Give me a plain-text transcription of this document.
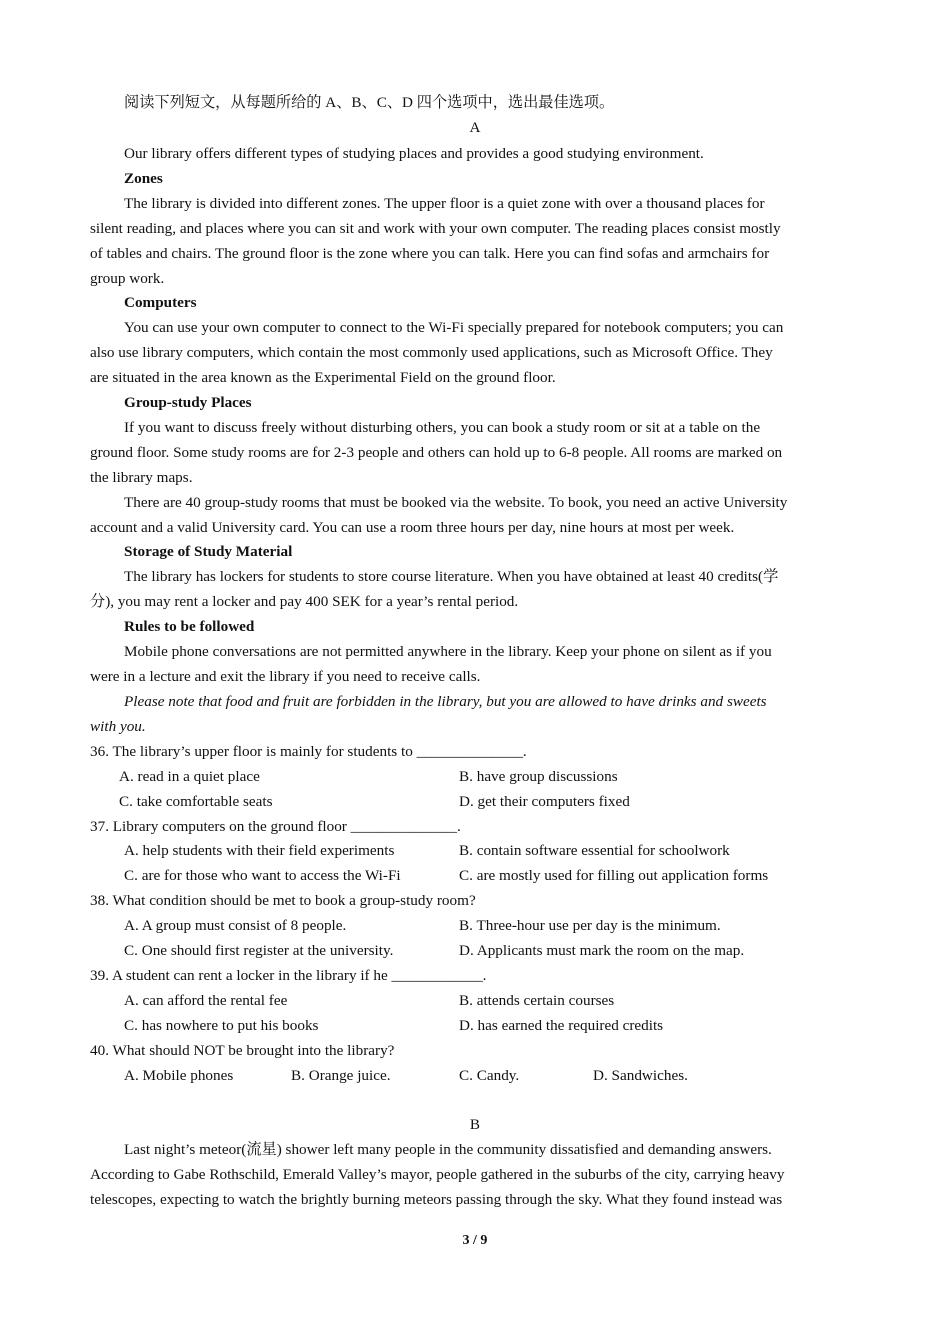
阅读下列短文，从每题所给的 A、B、C、D 四个选项中，选出最佳选项。
A
Our library offers different types of studying places and provides a good studying environment.
Zones
The library is divided into different zones. The upper floor is a quiet zone with over a thousand places for
silent reading, and places where you can sit and work with your own computer. The reading places consist mostly
of tables and chairs. The ground floor is the zone where you can talk. Here you can find sofas and armchairs for
group work.
Computers
You can use your own computer to connect to the Wi-Fi specially prepared for notebook computers; you can
also use library computers, which contain the most commonly used applications, such as Microsoft Office. They
are situated in the area known as the Experimental Field on the ground floor.
Group-study Places
If you want to discuss freely without disturbing others, you can book a study room or sit at a table on the
ground floor. Some study rooms are for 2-3 people and others can hold up to 6-8 people. All rooms are marked on
the library maps.
There are 40 group-study rooms that must be booked via the website. To book, you need an active University
account and a valid University card. You can use a room three hours per day, nine hours at most per week.
Storage of Study Material
The library has lockers for students to store course literature. When you have obtained at least 40 credits(学
分), you may rent a locker and pay 400 SEK for a year’s rental period.
Rules to be followed
Mobile phone conversations are not permitted anywhere in the library. Keep your phone on silent as if you
were in a lecture and exit the library if you need to receive calls.
Please note that food and fruit are forbidden in the library, but you are allowed to have drinks and sweets
with you.
36. The library’s upper floor is mainly for students to ______________.
A. read in a quiet place	B. have group discussions
C. take comfortable seats	D. get their computers fixed
37. Library computers on the ground floor ______________.
A. help students with their field experiments	B. contain software essential for schoolwork
C. are for those who want to access the Wi-Fi	C. are mostly used for filling out application forms
38. What condition should be met to book a group-study room?
A. A group must consist of 8 people.	B. Three-hour use per day is the minimum.
C. One should first register at the university.	D. Applicants must mark the room on the map.
39. A student can rent a locker in the library if he ____________.
A. can afford the rental fee	B. attends certain courses
C. has nowhere to put his books	D. has earned the required credits
40. What should NOT be brought into the library?
A. Mobile phones	B. Orange juice.	C. Candy.	D. Sandwiches.
B
Last night’s meteor(流星) shower left many people in the community dissatisfied and demanding answers.
According to Gabe Rothschild, Emerald Valley’s mayor, people gathered in the suburbs of the city, carrying heavy
telescopes, expecting to watch the brightly burning meteors passing through the sky. What they found instead was
3 / 9
